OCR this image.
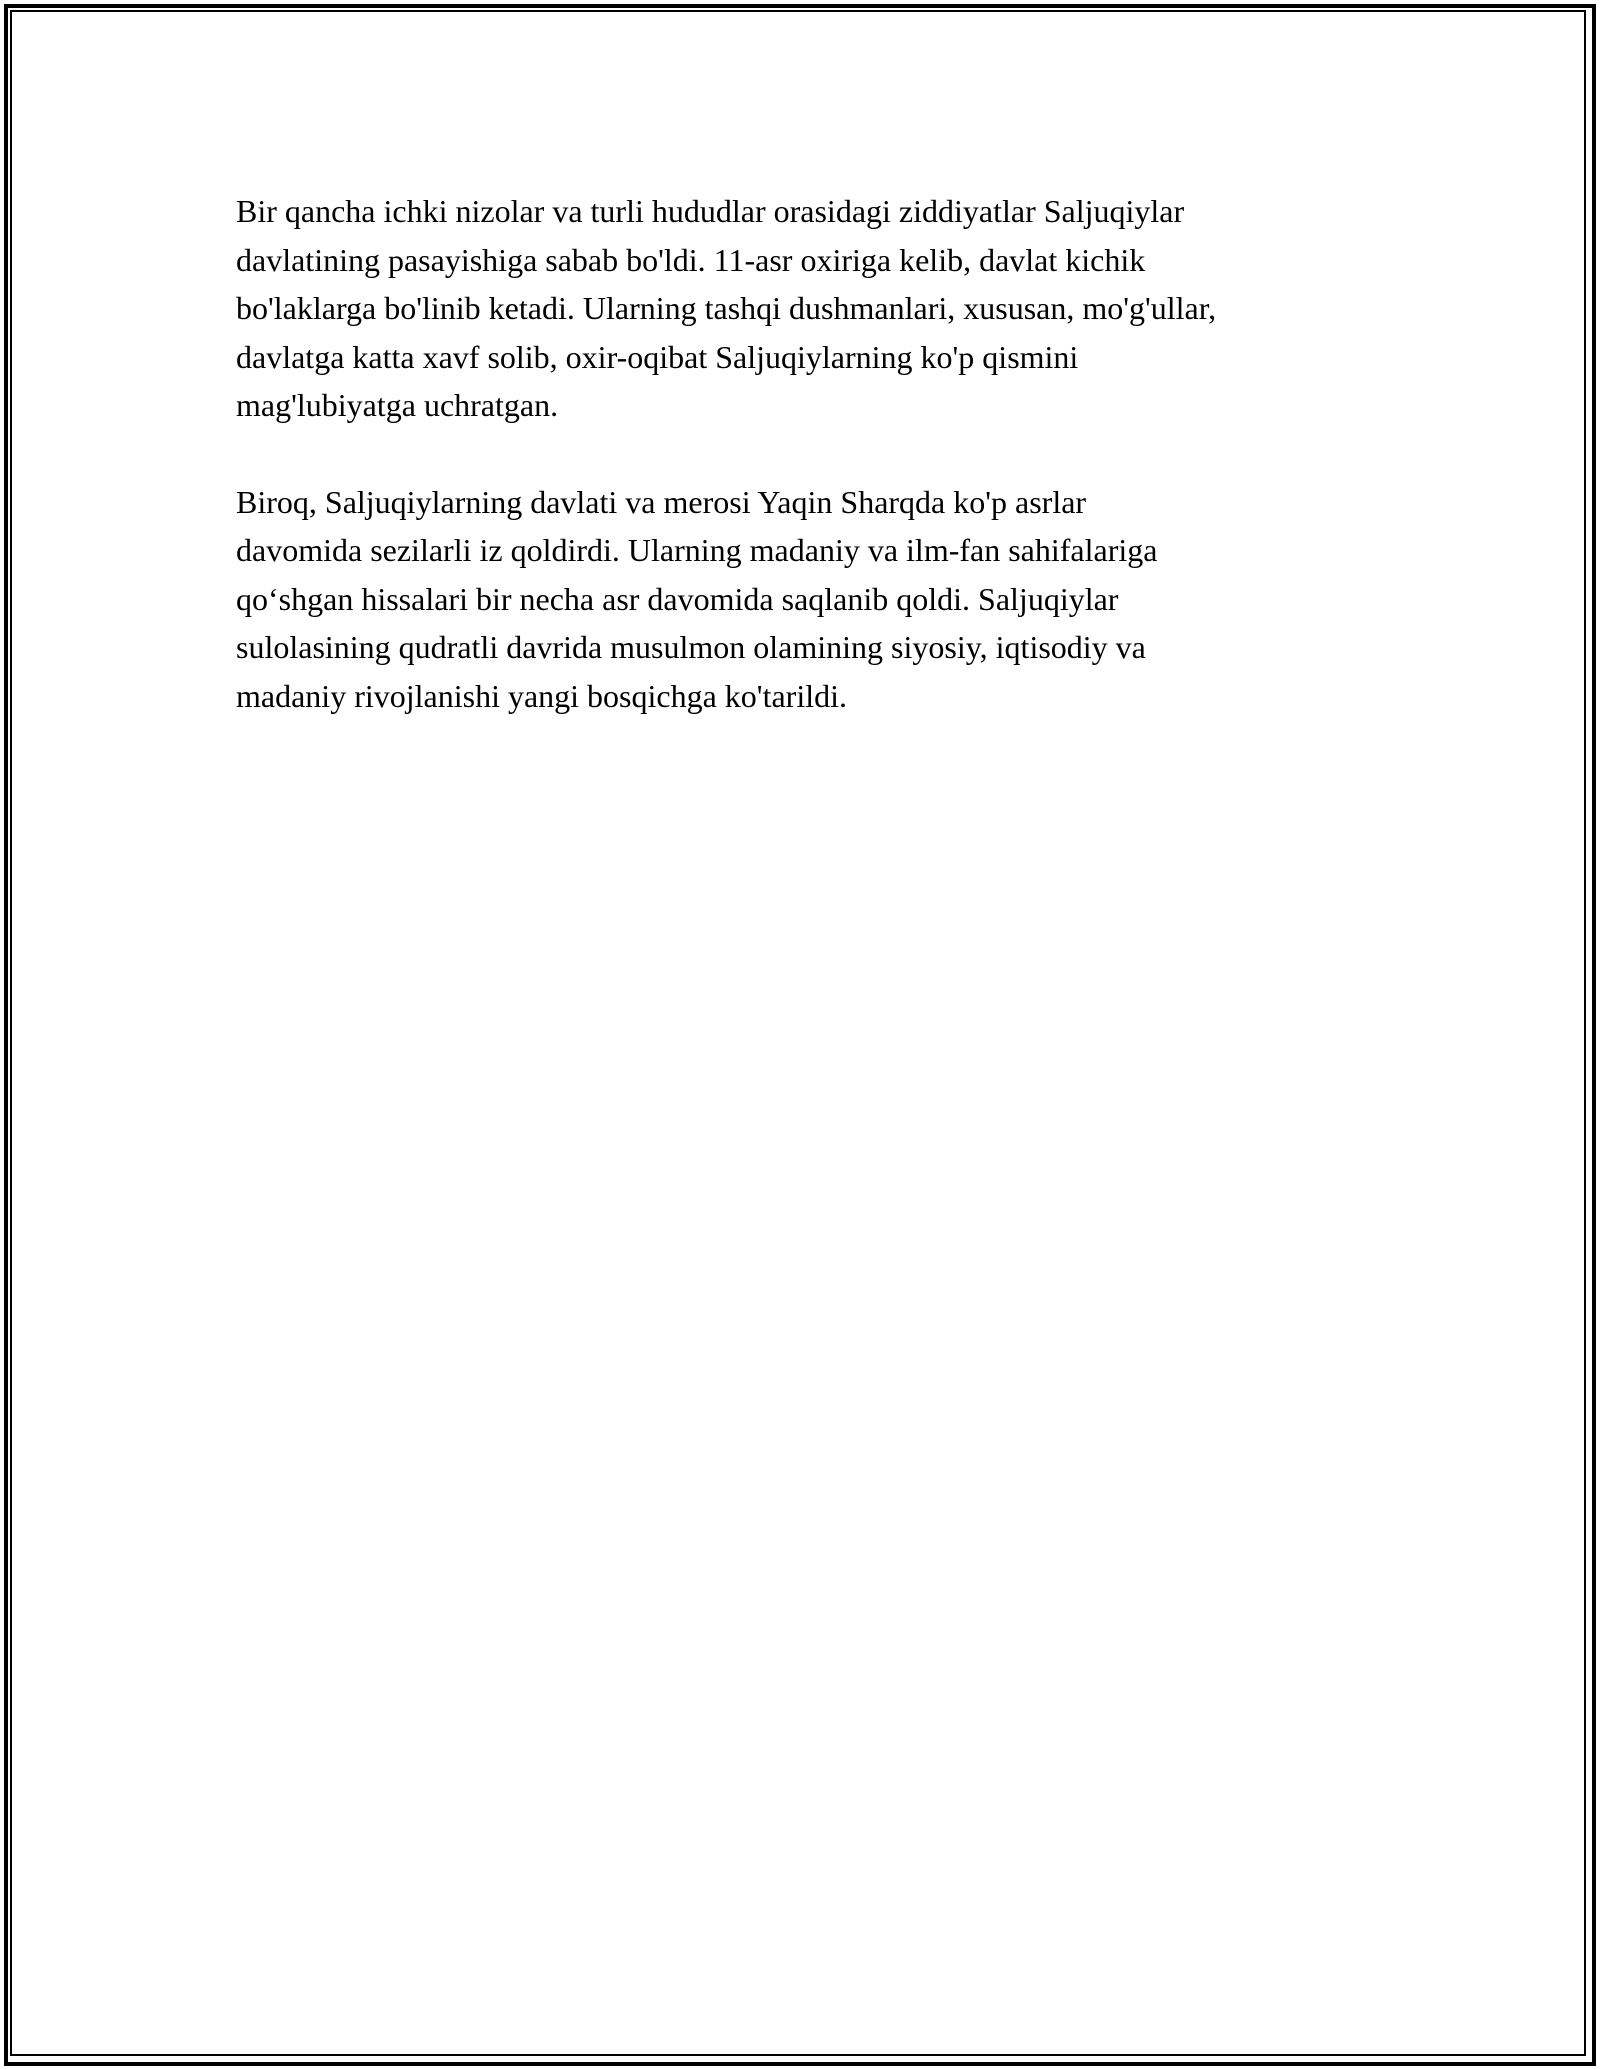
Bir qancha ichki nizolar va turli hududlar orasidagi ziddiyatlar Saljuqiylar
davlatining pasayishiga sabab bo'ldi. 11-asr oxiriga kelib, davlat kichik
bo'laklarga bo'linib ketadi. Ularning tashqi dushmanlari, xususan, mo'g'ullar,
davlatga katta xavf solib, oxir-oqibat Saljuqiylarning ko'p qismini
mag'lubiyatga uchratgan.

Biroq, Saljuqiylarning davlati va merosi Yaqin Sharqda ko'p asrlar
davomida sezilarli iz qoldirdi. Ularning madaniy va ilm-fan sahifalariga
qo‘shgan hissalari bir necha asr davomida saqlanib qoldi. Saljuqiylar
sulolasining qudratli davrida musulmon olamining siyosiy, iqtisodiy va
madaniy rivojlanishi yangi bosqichga ko'tarildi.
